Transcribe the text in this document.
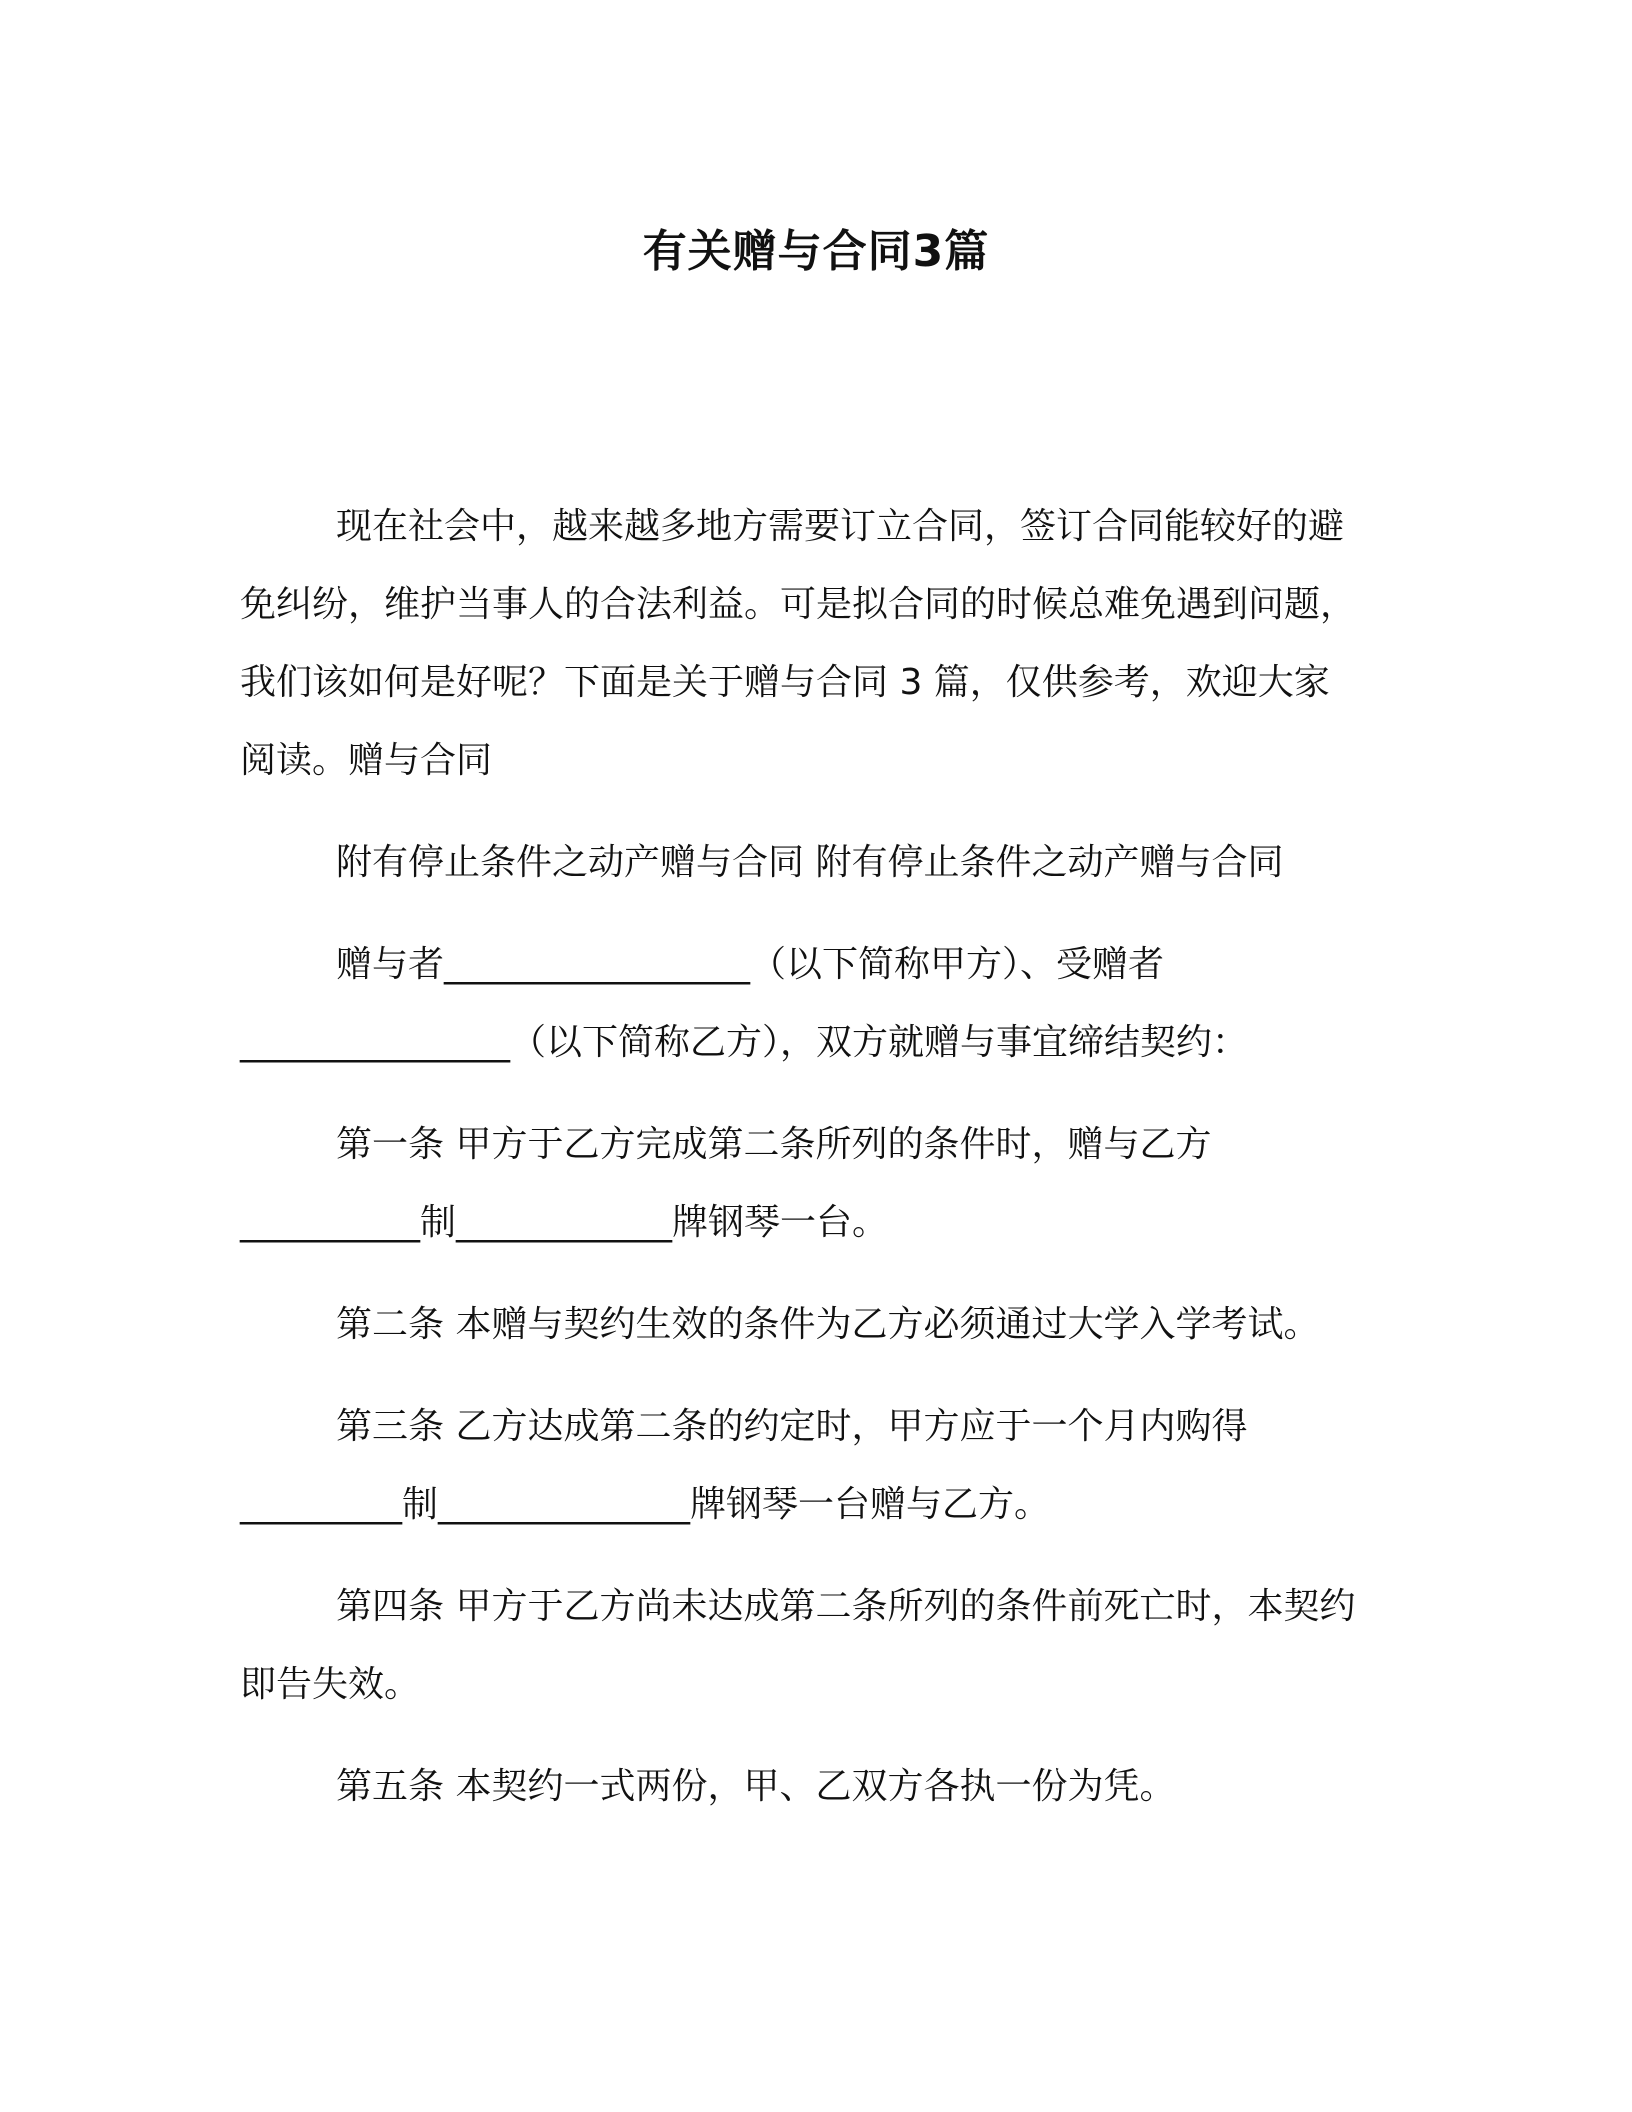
有关赠与合同3篇

现在社会中，越来越多地方需要订立合同，签订合同能较好的避
免纠纷，维护当事人的合法利益。可是拟合同的时候总难免遇到问题，
我们该如何是好呢？下面是关于赠与合同 3 篇，仅供参考，欢迎大家
阅读。赠与合同

附有停止条件之动产赠与合同 附有停止条件之动产赠与合同

赠与者_________________（以下简称甲方）、受赠者
_______________（以下简称乙方），双方就赠与事宜缔结契约：

第一条 甲方于乙方完成第二条所列的条件时，赠与乙方
__________制____________牌钢琴一台。

第二条 本赠与契约生效的条件为乙方必须通过大学入学考试。

第三条 乙方达成第二条的约定时，甲方应于一个月内购得
_________制______________牌钢琴一台赠与乙方。

第四条 甲方于乙方尚未达成第二条所列的条件前死亡时，本契约
即告失效。

第五条 本契约一式两份，甲、乙双方各执一份为凭。
